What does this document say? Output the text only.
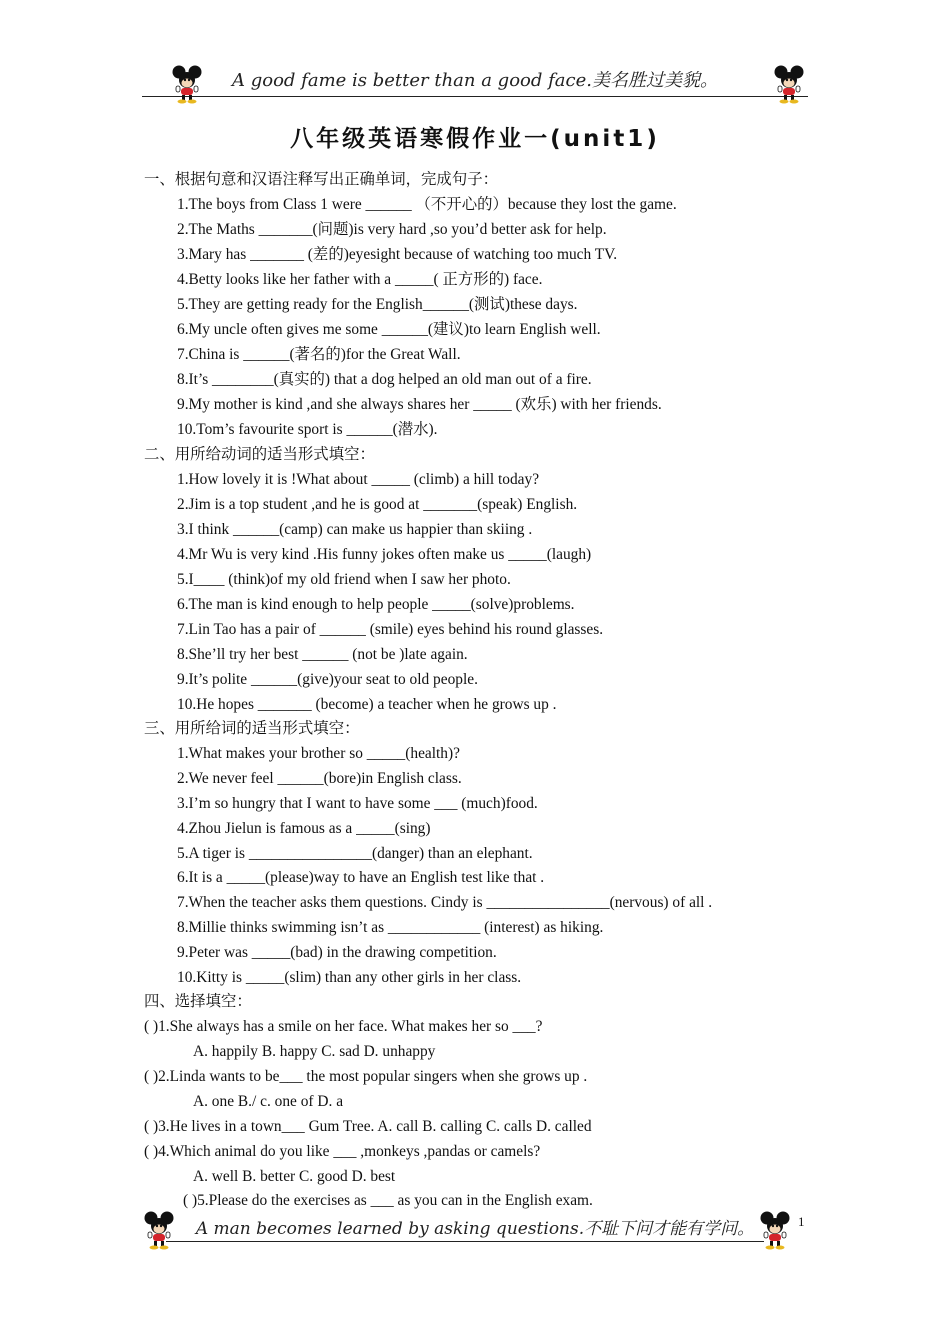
A good fame is better than a good face.美名胜过美貌。
八年级英语寒假作业一(unit1)
一、根据句意和汉语注释写出正确单词，完成句子：
1.The boys from Class 1 were ______ （不开心的）because they lost the game.
2.The Maths _______(问题)is very hard ,so you’d better ask for help.
3.Mary has _______ (差的)eyesight because of watching too much TV.
4.Betty looks like her father with a _____( 正方形的) face.
5.They are getting ready for the English______(测试)these days.
6.My uncle often gives me some ______(建议)to learn English well.
7.China is ______(著名的)for the Great Wall.
8.It’s ________(真实的) that a dog helped an old man out of a fire.
9.My mother is kind ,and she always shares her _____ (欢乐) with her friends.
10.Tom’s favourite sport is ______(潜水).
二、用所给动词的适当形式填空：
1.How lovely it is !What about _____ (climb) a hill today?
2.Jim is a top student ,and he is good at _______(speak) English.
3.I think ______(camp) can make us happier than skiing .
4.Mr Wu is very kind .His funny jokes often make us _____(laugh)
5.I____ (think)of my old friend when I saw her photo.
6.The man is kind enough to help people _____(solve)problems.
7.Lin Tao has a pair of ______ (smile) eyes behind his round glasses.
8.She’ll try her best ______ (not be )late again.
9.It’s polite ______(give)your seat to old people.
10.He hopes _______ (become) a teacher when he grows up .
三、用所给词的适当形式填空：
1.What makes your brother so _____(health)?
2.We never feel ______(bore)in English class.
3.I’m so hungry that I want to have some ___ (much)food.
4.Zhou Jielun is famous as a _____(sing)
5.A tiger is ________________(danger) than an elephant.
6.It is a _____(please)way to have an English test like that .
7.When the teacher asks them questions. Cindy is ________________(nervous) of all .
8.Millie thinks swimming isn’t as ____________ (interest) as hiking.
9.Peter was _____(bad) in the drawing competition.
10.Kitty is _____(slim) than any other girls in her class.
四、选择填空：
( )1.She always has a smile on her face. What makes her so ___?
A. happily B. happy C. sad D. unhappy
( )2.Linda wants to be___ the most popular singers when she grows up .
A. one B./ c. one of D. a
( )3.He lives in a town___ Gum Tree. A. call B. calling C. calls D. called
( )4.Which animal do you like ___ ,monkeys ,pandas or camels?
A. well B. better C. good D. best
( )5.Please do the exercises as ___ as you can in the English exam.
A man becomes learned by asking questions.不耻下问才能有学问。	1
